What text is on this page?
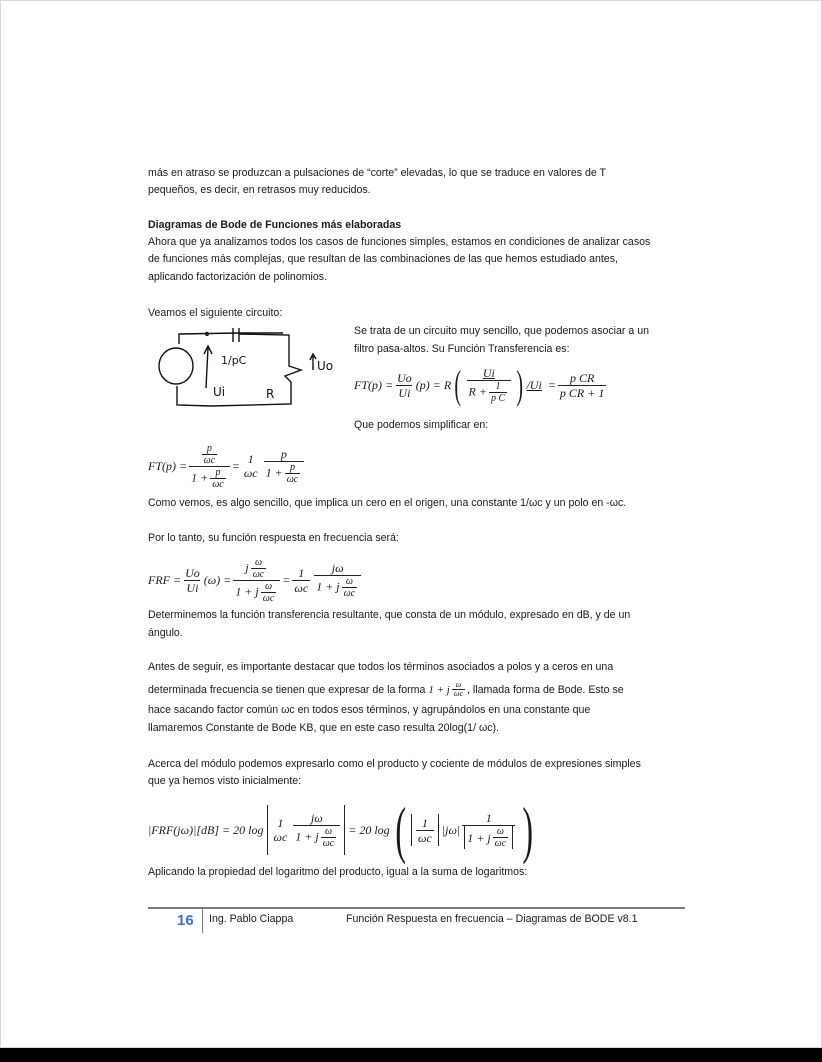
más en atraso se produzcan a pulsaciones de “corte” elevadas, lo que se traduce en valores de T
pequeños, es decir, en retrasos muy reducidos.
Diagramas de Bode de Funciones más elaboradas
Ahora que ya analizamos todos los casos de funciones simples, estamos en condiciones de analizar casos
de funciones más complejas, que resultan de las combinaciones de las que hemos estudiado antes,
aplicando factorización de polinomios.
Veamos el siguiente circuito:
1/pC
Ui	R
Uo
Se trata de un circuito muy sencillo, que podemos asociar a un
filtro pasa-altos. Su Función Transferencia es:
$FT(p) = \frac{Uo}{Ui} (p) = R$ ( Ui
$R + \frac{1}{\text{p C}}$ ) /Ui
= $\frac{\text{p CR}}{\text{p CR + 1}}$
Que podemos simplificar en:
$FT(p) = \frac{p}{\omega c}$
$1 + \frac{p}{\omega c}$
= 1
ωc
p
$1 + \frac{p}{\omega c}$
Como vemos, es algo sencillo, que implica un cero en el origen, una constante 1/ωc y un polo en -ωc.
Por lo tanto, su función respuesta en frecuencia será:
FRF = $\frac{Uo}{Ui} (\omega)$ =
j $\frac{\omega}{\omega c}$
1 + j $\frac{\omega}{\omega c}$
= $\frac{1}{\omega c}$ jω
1 + j $\frac{\omega}{\omega c}$
Determinemos la función transferencia resultante, que consta de un módulo, expresado en dB, y de un
ángulo.
Antes de seguir, es importante destacar que todos los términos asociados a polos y a ceros en una
determinada frecuencia se tienen que expresar de la forma
1 + j ω
ωc , llamada forma de Bode. Esto se
hace sacando factor común ωc en todos esos términos, y agrupándolos en una constante que
llamaremos Constante de Bode KB, que en este caso resulta 20log(1/ ωc).
Acerca del módulo podemos expresarlo como el producto y cociente de módulos de expresiones simples
que ya hemos visto inicialmente:
|FRF(jω)|[dB] = 20 log
1
ωc
jω
1 + j $\frac{\omega}{\omega c}$
= 20 log ( 1
ωc

|jω|
1
1 + j ω
ωc )
Aplicando la propiedad del logaritmo del producto, igual a la suma de logaritmos:
16 Ing. Pablo Ciappa	Función Respuesta en frecuencia – Diagramas de BODE v8.1
